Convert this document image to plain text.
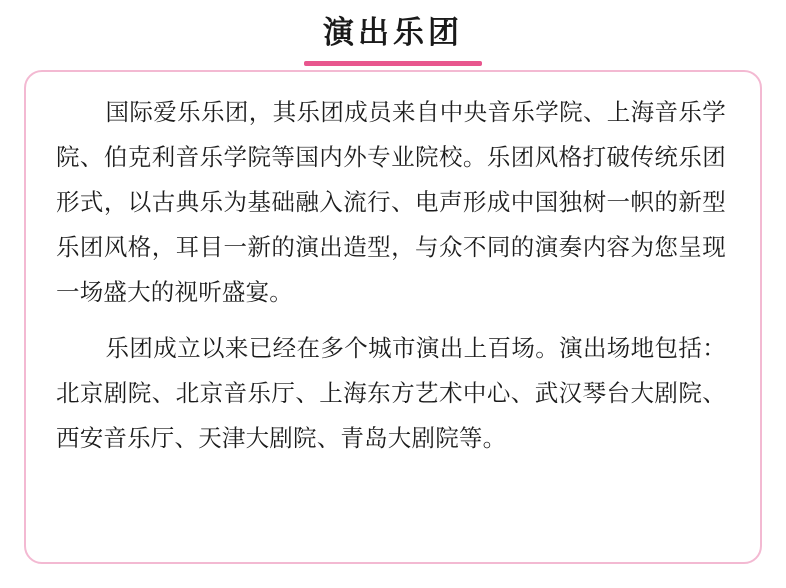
演出乐团

国际爱乐乐团，其乐团成员来自中央音乐学院、上海音乐学院、伯克利音乐学院等国内外专业院校。乐团风格打破传统乐团形式，以古典乐为基础融入流行、电声形成中国独树一帜的新型乐团风格，耳目一新的演出造型，与众不同的演奏内容为您呈现一场盛大的视听盛宴。

乐团成立以来已经在多个城市演出上百场。演出场地包括：北京剧院、北京音乐厅、上海东方艺术中心、武汉琴台大剧院、西安音乐厅、天津大剧院、青岛大剧院等。
